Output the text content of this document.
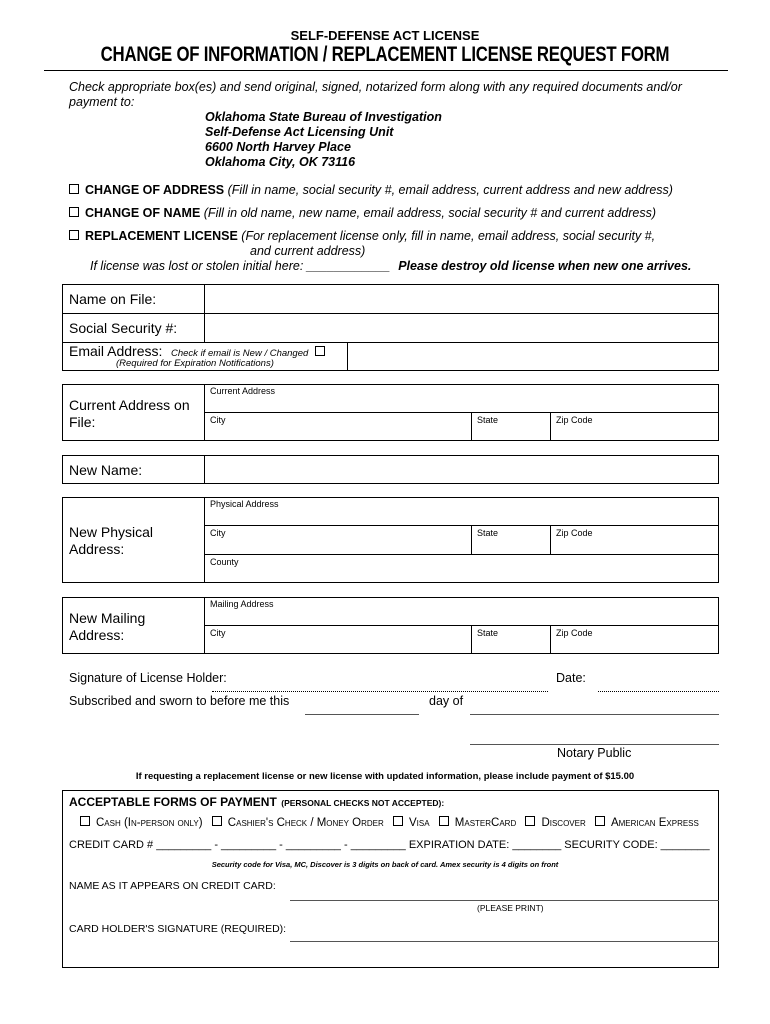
SELF-DEFENSE ACT LICENSE
CHANGE OF INFORMATION / REPLACEMENT LICENSE REQUEST FORM
Check appropriate box(es) and send original, signed, notarized form along with any required documents and/or payment to:
Oklahoma State Bureau of Investigation
Self-Defense Act Licensing Unit
6600 North Harvey Place
Oklahoma City, OK 73116
CHANGE OF ADDRESS (Fill in name, social security #, email address, current address and new address)
CHANGE OF NAME (Fill in old name, new name, email address, social security # and current address)
REPLACEMENT LICENSE (For replacement license only, fill in name, email address, social security #,
and current address)
If license was lost or stolen initial here: ____________ Please destroy old license when new one arrives.
Name on File:
Social Security #:
Email Address: Check if email is New / Changed
(Required for Expiration Notifications)
Current Address on File:
Current Address
City	State	Zip Code
New Name:
New Physical Address:
Physical Address
City	State	Zip Code
County
New Mailing Address:
Mailing Address
City	State	Zip Code
Signature of License Holder:	Date:
Subscribed and sworn to before me this	day of
Notary Public
If requesting a replacement license or new license with updated information, please include payment of $15.00
ACCEPTABLE FORMS OF PAYMENT (PERSONAL CHECKS NOT ACCEPTED):
Cash (In-person only) Cashier's Check / Money Order Visa MasterCard Discover American Express
CREDIT CARD # _________ - _________ - _________ - _________ EXPIRATION DATE: ________ SECURITY CODE: ________
Security code for Visa, MC, Discover is 3 digits on back of card. Amex security is 4 digits on front
NAME AS IT APPEARS ON CREDIT CARD:
(PLEASE PRINT)
CARD HOLDER'S SIGNATURE (REQUIRED):
